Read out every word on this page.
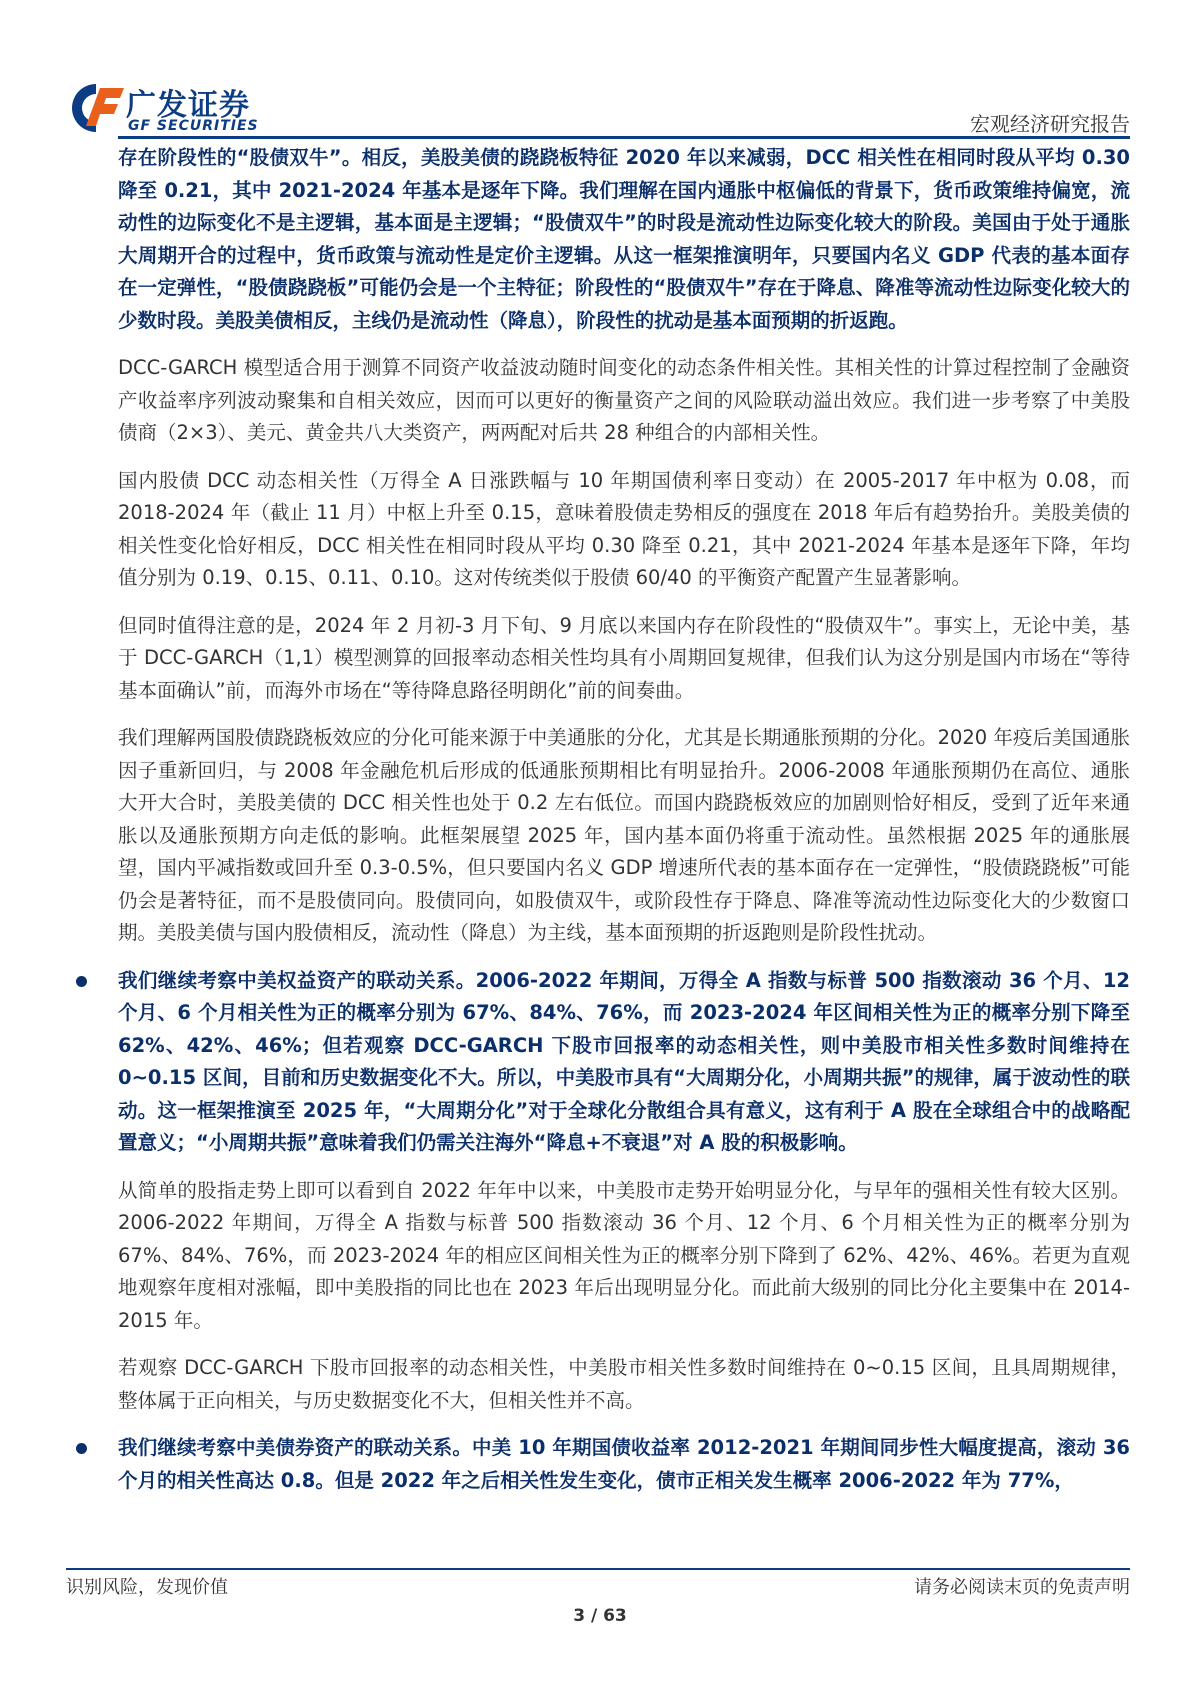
广发证券
GF SECURITIES	宏观经济研究报告

存在阶段性的“股债双牛”。相反，美股美债的跷跷板特征 2020 年以来减弱，DCC 相关性在相同时段从平均 0.30 降至 0.21，其中 2021-2024 年基本是逐年下降。我们理解在国内通胀中枢偏低的背景下，货币政策维持偏宽，流动性的边际变化不是主逻辑，基本面是主逻辑；“股债双牛”的时段是流动性边际变化较大的阶段。美国由于处于通胀大周期开合的过程中，货币政策与流动性是定价主逻辑。从这一框架推演明年，只要国内名义 GDP 代表的基本面存在一定弹性，“股债跷跷板”可能仍会是一个主特征；阶段性的“股债双牛”存在于降息、降准等流动性边际变化较大的少数时段。美股美债相反，主线仍是流动性（降息），阶段性的扰动是基本面预期的折返跑。

DCC-GARCH 模型适合用于测算不同资产收益波动随时间变化的动态条件相关性。其相关性的计算过程控制了金融资产收益率序列波动聚集和自相关效应，因而可以更好的衡量资产之间的风险联动溢出效应。我们进一步考察了中美股债商（2×3）、美元、黄金共八大类资产，两两配对后共 28 种组合的内部相关性。

国内股债 DCC 动态相关性（万得全 A 日涨跌幅与 10 年期国债利率日变动）在 2005-2017 年中枢为 0.08，而 2018-2024 年（截止 11 月）中枢上升至 0.15，意味着股债走势相反的强度在 2018 年后有趋势抬升。美股美债的相关性变化恰好相反，DCC 相关性在相同时段从平均 0.30 降至 0.21，其中 2021-2024 年基本是逐年下降，年均值分别为 0.19、0.15、0.11、0.10。这对传统类似于股债 60/40 的平衡资产配置产生显著影响。

但同时值得注意的是，2024 年 2 月初-3 月下旬、9 月底以来国内存在阶段性的“股债双牛”。事实上，无论中美，基于 DCC-GARCH（1,1）模型测算的回报率动态相关性均具有小周期回复规律，但我们认为这分别是国内市场在“等待基本面确认”前，而海外市场在“等待降息路径明朗化”前的间奏曲。

我们理解两国股债跷跷板效应的分化可能来源于中美通胀的分化，尤其是长期通胀预期的分化。2020 年疫后美国通胀因子重新回归，与 2008 年金融危机后形成的低通胀预期相比有明显抬升。2006-2008 年通胀预期仍在高位、通胀大开大合时，美股美债的 DCC 相关性也处于 0.2 左右低位。而国内跷跷板效应的加剧则恰好相反，受到了近年来通胀以及通胀预期方向走低的影响。此框架展望 2025 年，国内基本面仍将重于流动性。虽然根据 2025 年的通胀展望，国内平减指数或回升至 0.3-0.5%，但只要国内名义 GDP 增速所代表的基本面存在一定弹性，“股债跷跷板”可能仍会是著特征，而不是股债同向。股债同向，如股债双牛，或阶段性存于降息、降准等流动性边际变化大的少数窗口期。美股美债与国内股债相反，流动性（降息）为主线，基本面预期的折返跑则是阶段性扰动。

我们继续考察中美权益资产的联动关系。2006-2022 年期间，万得全 A 指数与标普 500 指数滚动 36 个月、12 个月、6 个月相关性为正的概率分别为 67%、84%、76%，而 2023-2024 年区间相关性为正的概率分别下降至 62%、42%、46%；但若观察 DCC-GARCH 下股市回报率的动态相关性，则中美股市相关性多数时间维持在 0~0.15 区间，目前和历史数据变化不大。所以，中美股市具有“大周期分化，小周期共振”的规律，属于波动性的联动。这一框架推演至 2025 年，“大周期分化”对于全球化分散组合具有意义，这有利于 A 股在全球组合中的战略配置意义；“小周期共振”意味着我们仍需关注海外“降息+不衰退”对 A 股的积极影响。

从简单的股指走势上即可以看到自 2022 年年中以来，中美股市走势开始明显分化，与早年的强相关性有较大区别。2006-2022 年期间，万得全 A 指数与标普 500 指数滚动 36 个月、12 个月、6 个月相关性为正的概率分别为 67%、84%、76%，而 2023-2024 年的相应区间相关性为正的概率分别下降到了 62%、42%、46%。若更为直观地观察年度相对涨幅，即中美股指的同比也在 2023 年后出现明显分化。而此前大级别的同比分化主要集中在 2014-2015 年。

若观察 DCC-GARCH 下股市回报率的动态相关性，中美股市相关性多数时间维持在 0~0.15 区间，且具周期规律，整体属于正向相关，与历史数据变化不大，但相关性并不高。

我们继续考察中美债券资产的联动关系。中美 10 年期国债收益率 2012-2021 年期间同步性大幅度提高，滚动 36 个月的相关性高达 0.8。但是 2022 年之后相关性发生变化，债市正相关发生概率 2006-2022 年为 77%，

识别风险，发现价值	请务必阅读末页的免责声明
3 / 63
